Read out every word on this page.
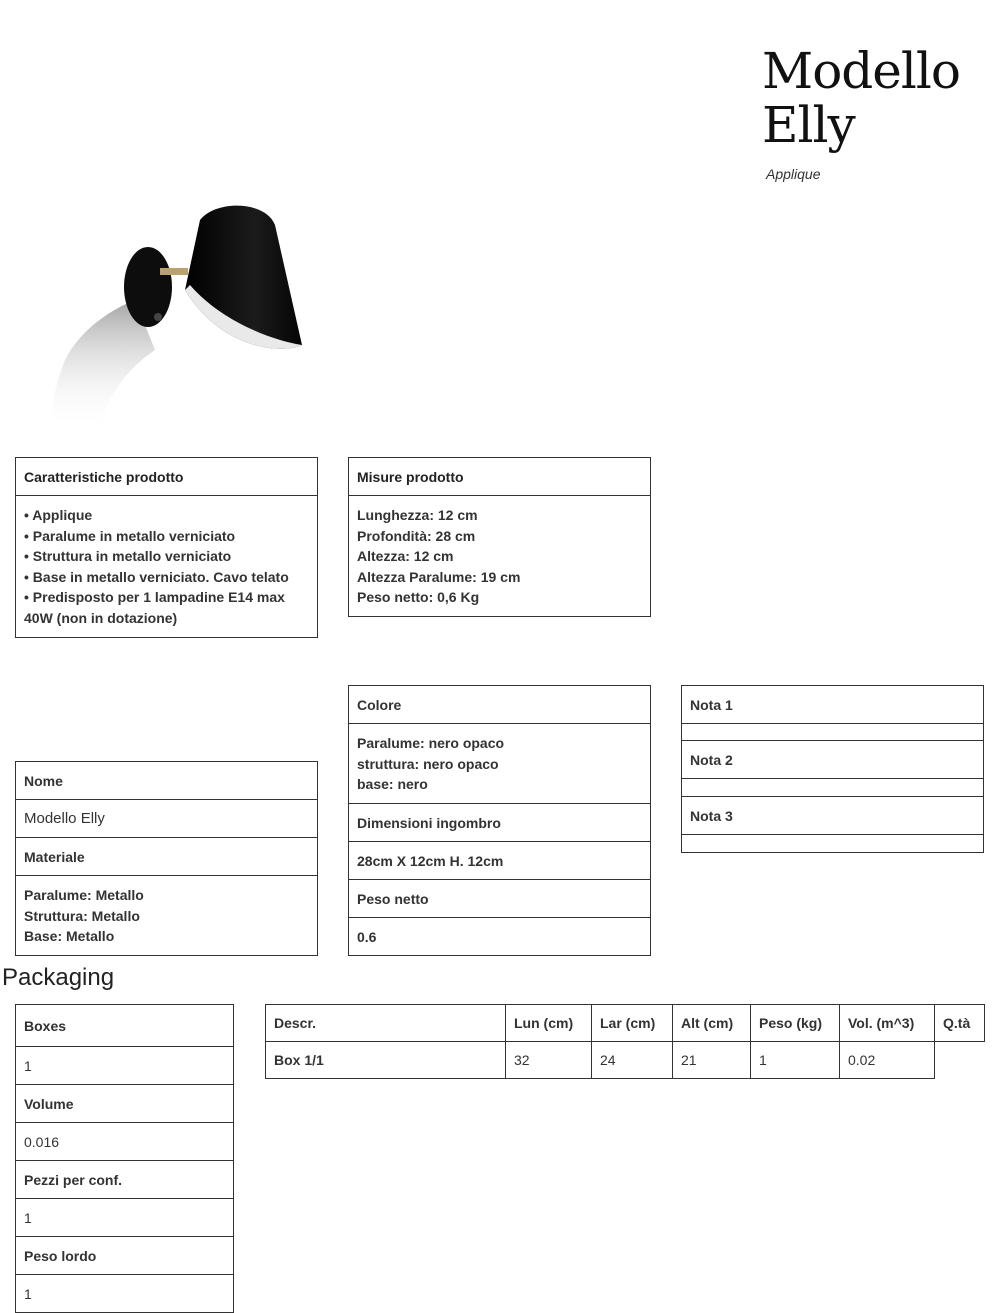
Modello
Elly
Applique
Caratteristiche prodotto
• Applique
• Paralume in metallo verniciato
• Struttura in metallo verniciato
• Base in metallo verniciato. Cavo telato
• Predisposto per 1 lampadine E14 max
40W (non in dotazione)
Misure prodotto
Lunghezza: 12 cm
Profondità: 28 cm
Altezza: 12 cm
Altezza Paralume: 19 cm
Peso netto: 0,6 Kg
Nome
Modello Elly
Materiale
Paralume: Metallo
Struttura: Metallo
Base: Metallo
Colore
Paralume: nero opaco
struttura: nero opaco
base: nero
Dimensioni ingombro
28cm X 12cm H. 12cm
Peso netto
0.6
Nota 1
Nota 2
Nota 3
Packaging
Boxes
1
Volume
0.016
Pezzi per conf.
1
Peso lordo
1
Descr.	Lun (cm)	Lar (cm)	Alt (cm)	Peso (kg)	Vol. (m^3)	Q.tà
Box 1/1	32	24	21	1	0.02	
